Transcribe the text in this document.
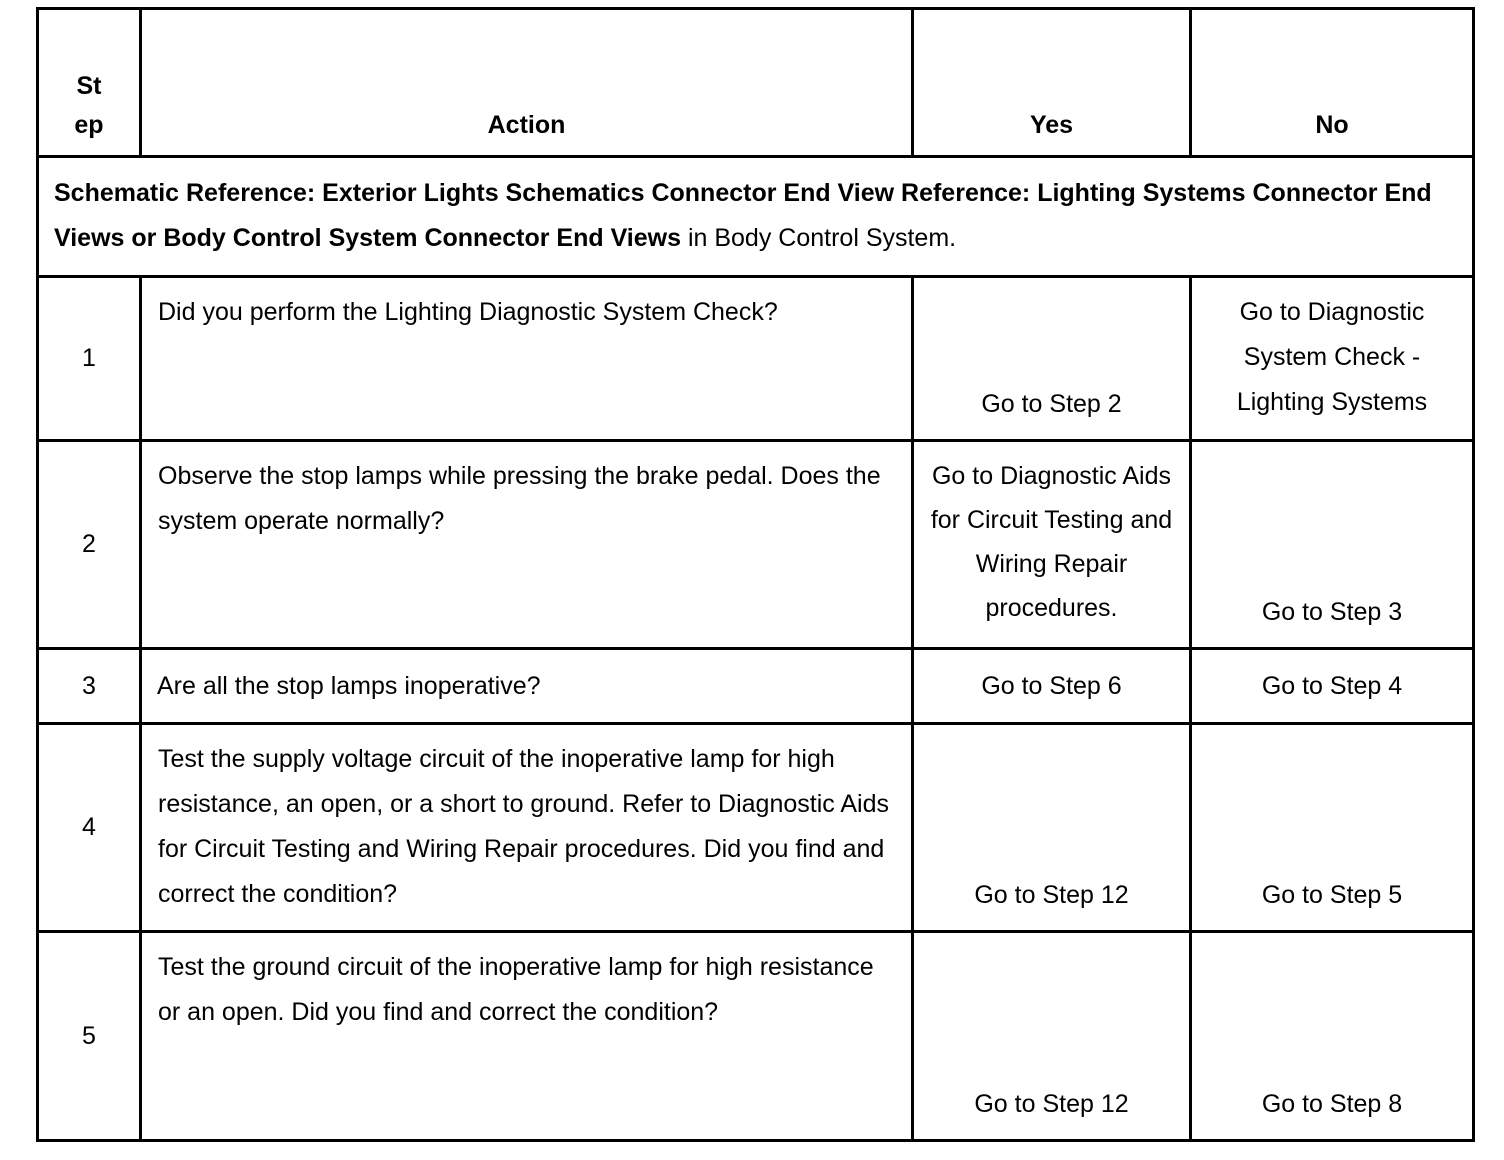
St
ep	Action	Yes	No
Schematic Reference: Exterior Lights Schematics Connector End View Reference: Lighting Systems Connector End Views or Body Control System Connector End Views in Body Control System.			
1	Did you perform the Lighting Diagnostic System Check?	Go to Step 2	Go to Diagnostic System Check - Lighting Systems
2	Observe the stop lamps while pressing the brake pedal. Does the system operate normally?	Go to Diagnostic Aids for Circuit Testing and Wiring Repair procedures.	Go to Step 3
3	Are all the stop lamps inoperative?	Go to Step 6	Go to Step 4
4	Test the supply voltage circuit of the inoperative lamp for high resistance, an open, or a short to ground. Refer to Diagnostic Aids for Circuit Testing and Wiring Repair procedures. Did you find and correct the condition?	Go to Step 12	Go to Step 5
5	Test the ground circuit of the inoperative lamp for high resistance or an open. Did you find and correct the condition?	Go to Step 12	Go to Step 8
